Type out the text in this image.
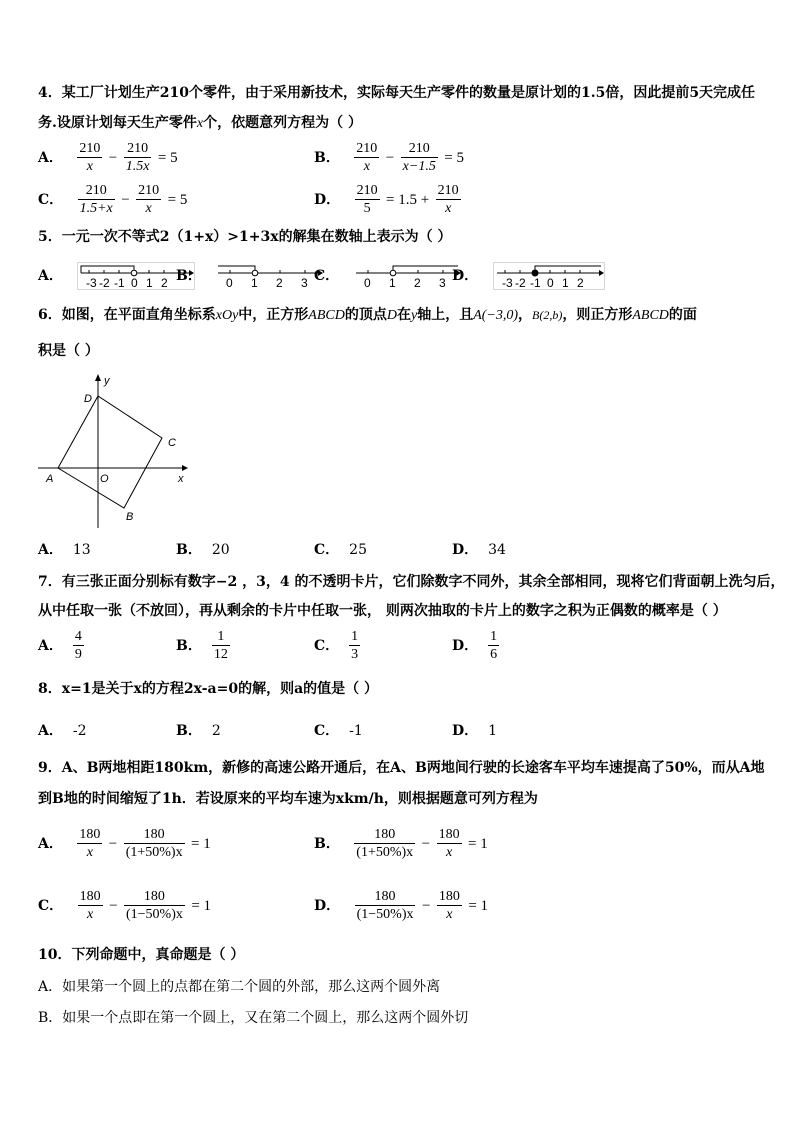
4．某工厂计划生产210个零件，由于采用新技术，实际每天生产零件的数量是原计划的1.5倍，因此提前5天完成任
务.设原计划每天生产零件x个，依题意列方程为（ ）
A． $\frac{210}{x} - \frac{210}{1.5x} = 5$	B． $\frac{210}{x} - \frac{210}{x-1.5} = 5$
C． $\frac{210}{1.5+x} - \frac{210}{x} = 5$	D． $\frac{210}{5} = 1.5 + \frac{210}{x}$
5．一元一次不等式2（1+x）>1+3x的解集在数轴上表示为（ ）
A． -3 -2 -1 0 1 2 B． 0 1 2 3 C． 0 1 2 3 D． -3 -2 -1 0 1 2
6．如图，在平面直角坐标系xOy中，正方形ABCD的顶点D在y轴上，且A(−3,0)，B(2,b)，则正方形ABCD的面
积是（ ）
y
x
D
C
A	O
B
A． 13	B． 20	C． 25	D． 34
7．有三张正面分别标有数字−2 ，3，4 的不透明卡片，它们除数字不同外，其余全部相同，现将它们背面朝上洗匀后，
从中任取一张（不放回），再从剩余的卡片中任取一张， 则两次抽取的卡片上的数字之积为正偶数的概率是（ ）
A． $\frac{4}{9}$	B． $\frac{1}{12}$	C． $\frac{1}{3}$	D． $\frac{1}{6}$
8．x=1是关于x的方程2x-a=0的解，则a的值是（ ）
A． -2	B． 2	C． -1	D． 1
9．A、B两地相距180km，新修的高速公路开通后，在A、B两地间行驶的长途客车平均车速提高了50%，而从A地
到B地的时间缩短了1h．若设原来的平均车速为xkm/h，则根据题意可列方程为
A． $\frac{180}{x} - \frac{180}{(1+50\%)x} = 1$	B． $\frac{180}{(1+50\%)x} - \frac{180}{x} = 1$
C． $\frac{180}{x} - \frac{180}{(1-50\%)x} = 1$	D． $\frac{180}{(1-50\%)x} - \frac{180}{x} = 1$
10．下列命题中，真命题是（ ）
A．如果第一个圆上的点都在第二个圆的外部，那么这两个圆外离
B．如果一个点即在第一个圆上，又在第二个圆上，那么这两个圆外切
